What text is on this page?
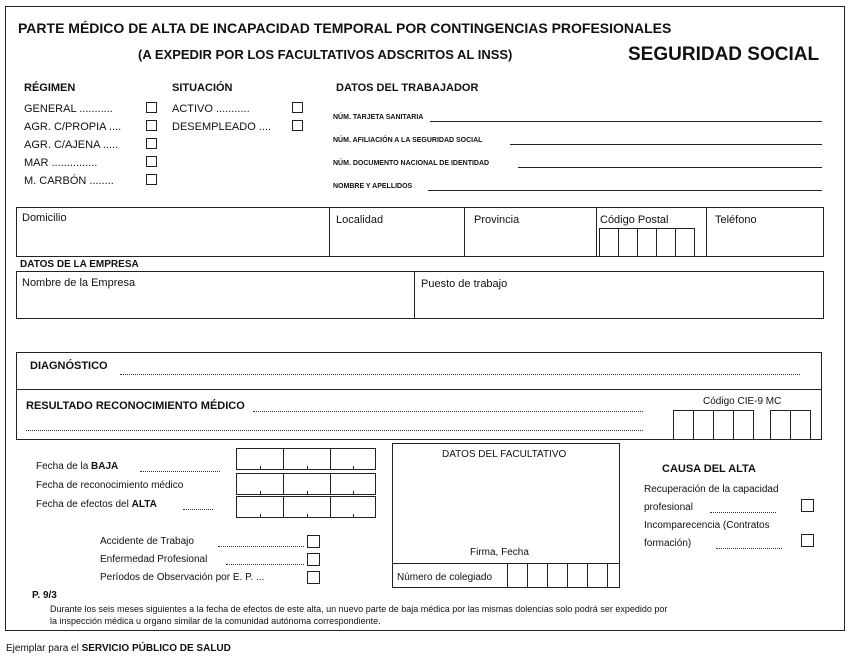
PARTE MÉDICO DE ALTA DE INCAPACIDAD TEMPORAL POR CONTINGENCIAS PROFESIONALES
(A EXPEDIR POR LOS FACULTATIVOS ADSCRITOS AL INSS)	SEGURIDAD SOCIAL
RÉGIMEN
GENERAL ...........
AGR. C/PROPIA ....
AGR. C/AJENA .....
MAR ...............
M. CARBÓN ........
SITUACIÓN
ACTIVO ...........
DESEMPLEADO ....
DATOS DEL TRABAJADOR
NÚM. TARJETA SANITARIA
NÚM. AFILIACIÓN A LA SEGURIDAD SOCIAL
NÚM. DOCUMENTO NACIONAL DE IDENTIDAD
NOMBRE Y APELLIDOS
Domicilio	Localidad	Provincia	Código Postal	Teléfono
DATOS DE LA EMPRESA
Nombre de la Empresa	Puesto de trabajo
DIAGNÓSTICO
RESULTADO RECONOCIMIENTO MÉDICO	Código CIE-9 MC
Fecha de la BAJA
Fecha de reconocimiento médico
Fecha de efectos del ALTA
Accidente de Trabajo
Enfermedad Profesional
Períodos de Observación por E. P. ...
DATOS DEL FACULTATIVO
Firma, Fecha
Número de colegiado
CAUSA DEL ALTA
Recuperación de la capacidad
profesional
Incomparecencia (Contratos
formación)
P. 9/3
Durante los seis meses siguientes a la fecha de efectos de este alta, un nuevo parte de baja médica por las mismas dolencias solo podrá ser expedido por
la inspección médica u organo similar de la comunidad autónoma correspondiente.
Ejemplar para el SERVICIO PÚBLICO DE SALUD
